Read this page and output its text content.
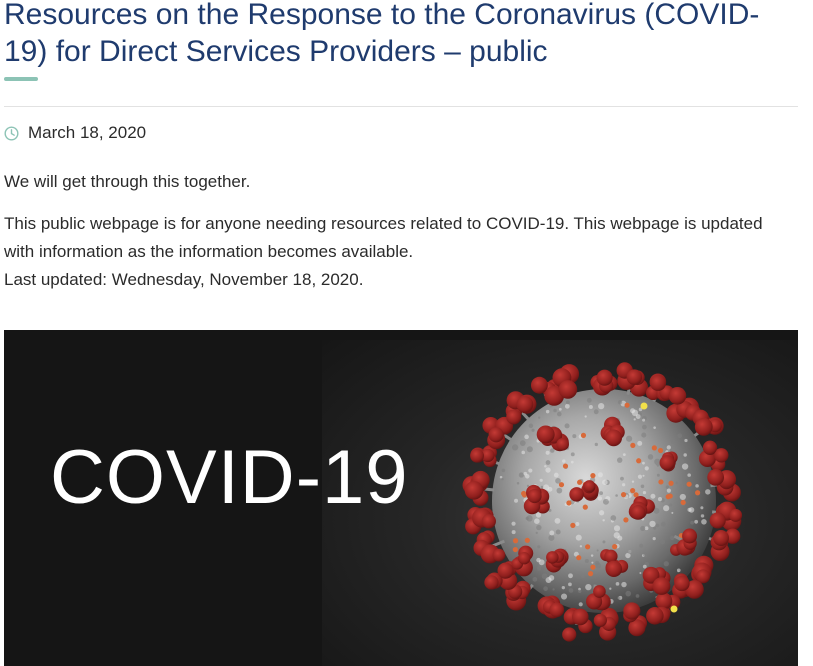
Resources on the Response to the Coronavirus (COVID-19) for Direct Services Providers – public
March 18, 2020

We will get through this together.

This public webpage is for anyone needing resources related to COVID-19. This webpage is updated with information as the information becomes available.

Last updated: Wednesday, November 18, 2020.

COVID-19
